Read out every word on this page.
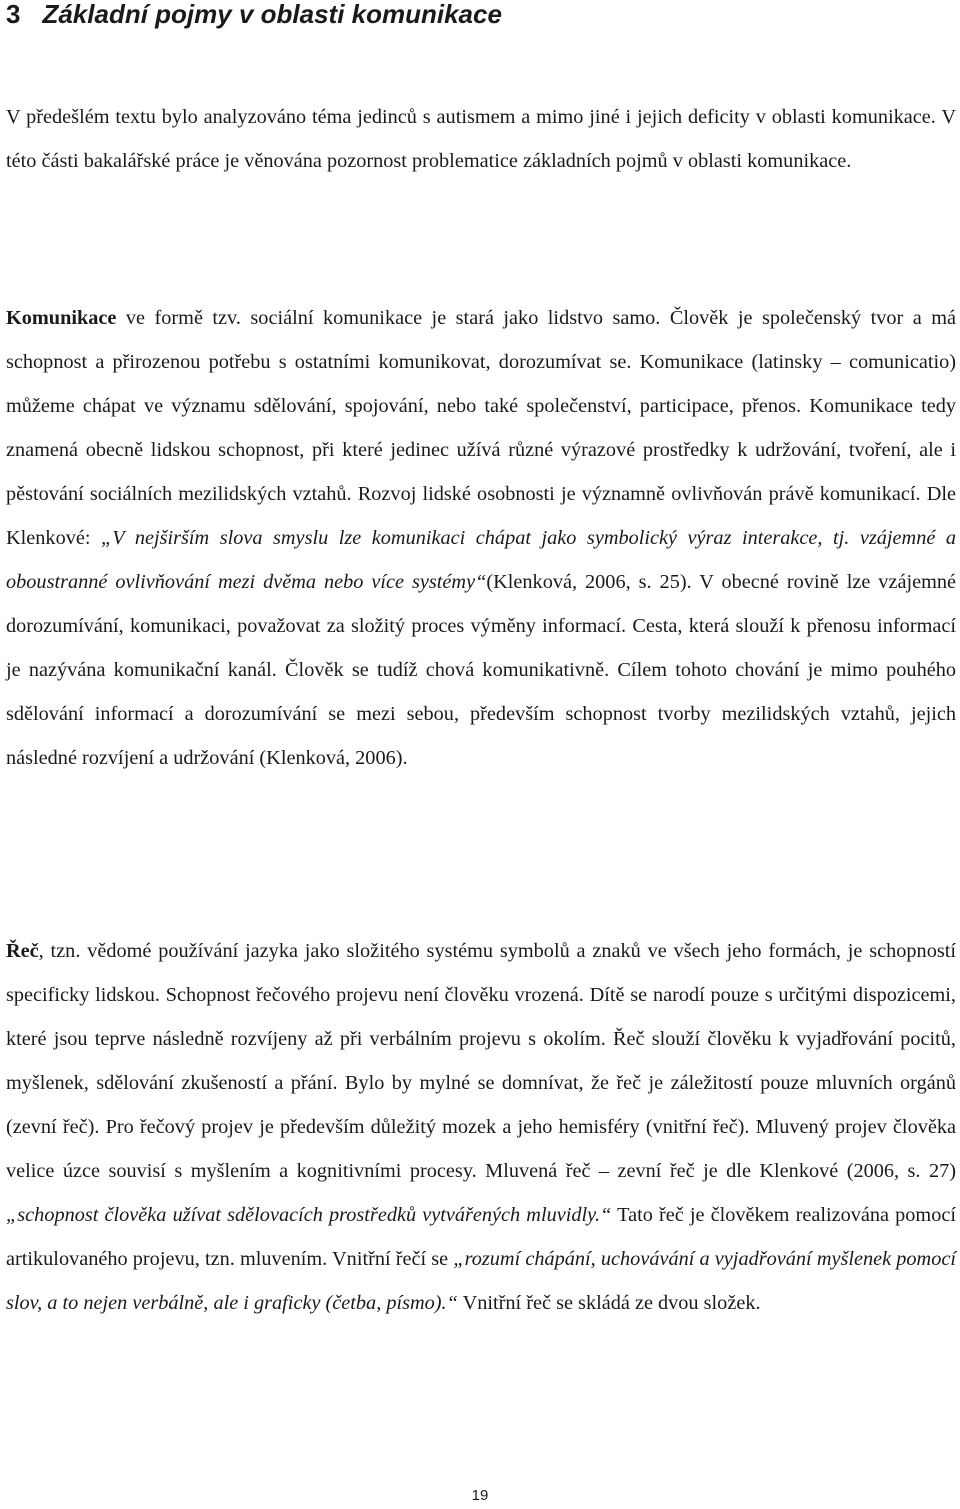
3 Základní pojmy v oblasti komunikace

V předešlém textu bylo analyzováno téma jedinců s autismem a mimo jiné i jejich deficity v oblasti komunikace. V této části bakalářské práce je věnována pozornost problematice základních pojmů v oblasti komunikace.

Komunikace ve formě tzv. sociální komunikace je stará jako lidstvo samo. Člověk je společenský tvor a má schopnost a přirozenou potřebu s ostatními komunikovat, dorozumívat se. Komunikace (latinsky – comunicatio) můžeme chápat ve významu sdělování, spojování, nebo také společenství, participace, přenos. Komunikace tedy znamená obecně lidskou schopnost, při které jedinec užívá různé výrazové prostředky k udržování, tvoření, ale i pěstování sociálních mezilidských vztahů. Rozvoj lidské osobnosti je významně ovlivňován právě komunikací. Dle Klenkové: „V nejširším slova smyslu lze komunikaci chápat jako symbolický výraz interakce, tj. vzájemné a oboustranné ovlivňování mezi dvěma nebo více systémy“(Klenková, 2006, s. 25). V obecné rovině lze vzájemné dorozumívání, komunikaci, považovat za složitý proces výměny informací. Cesta, která slouží k přenosu informací je nazývána komunikační kanál. Člověk se tudíž chová komunikativně. Cílem tohoto chování je mimo pouhého sdělování informací a dorozumívání se mezi sebou, především schopnost tvorby mezilidských vztahů, jejich následné rozvíjení a udržování (Klenková, 2006).

Řeč, tzn. vědomé používání jazyka jako složitého systému symbolů a znaků ve všech jeho formách, je schopností specificky lidskou. Schopnost řečového projevu není člověku vrozená. Dítě se narodí pouze s určitými dispozicemi, které jsou teprve následně rozvíjeny až při verbálním projevu s okolím. Řeč slouží člověku k vyjadřování pocitů, myšlenek, sdělování zkušeností a přání. Bylo by mylné se domnívat, že řeč je záležitostí pouze mluvních orgánů (zevní řeč). Pro řečový projev je především důležitý mozek a jeho hemisféry (vnitřní řeč). Mluvený projev člověka velice úzce souvisí s myšlením a kognitivními procesy. Mluvená řeč – zevní řeč je dle Klenkové (2006, s. 27) „schopnost člověka užívat sdělovacích prostředků vytvářených mluvidly.“ Tato řeč je člověkem realizována pomocí artikulovaného projevu, tzn. mluvením. Vnitřní řečí se „rozumí chápání, uchovávání a vyjadřování myšlenek pomocí slov, a to nejen verbálně, ale i graficky (četba, písmo).“ Vnitřní řeč se skládá ze dvou složek.

19
